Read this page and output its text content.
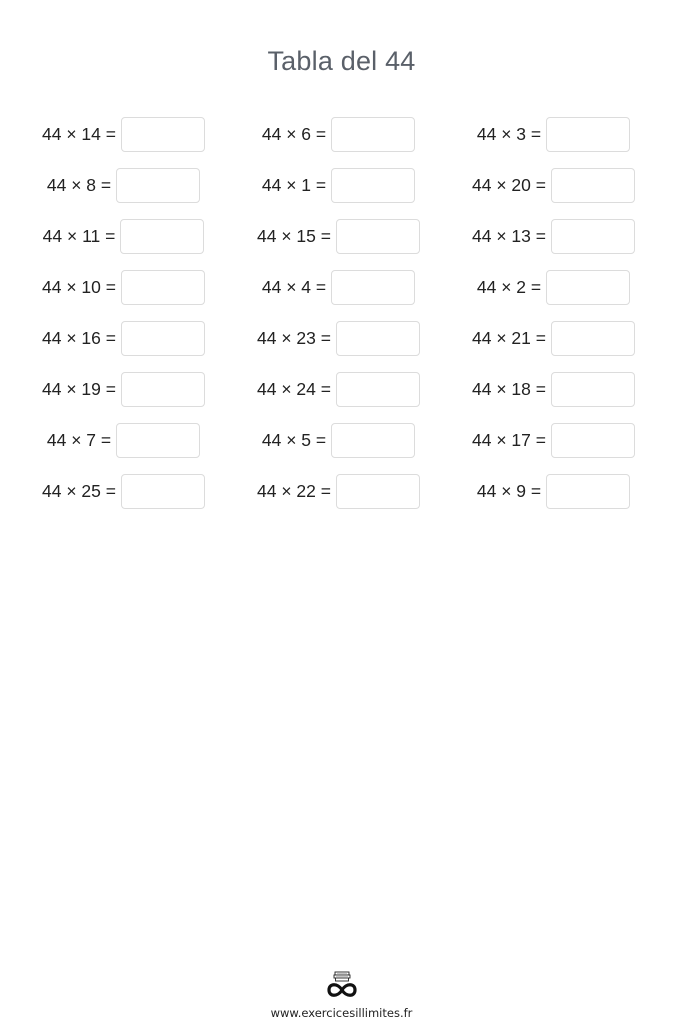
Tabla del 44
44 × 14 =	44 × 6 =	44 × 3 =
44 × 8 =	44 × 1 =	44 × 20 =
44 × 11 =	44 × 15 =	44 × 13 =
44 × 10 =	44 × 4 =	44 × 2 =
44 × 16 =	44 × 23 =	44 × 21 =
44 × 19 =	44 × 24 =	44 × 18 =
44 × 7 =	44 × 5 =	44 × 17 =
44 × 25 =	44 × 22 =	44 × 9 =
www.exercicesillimites.fr
